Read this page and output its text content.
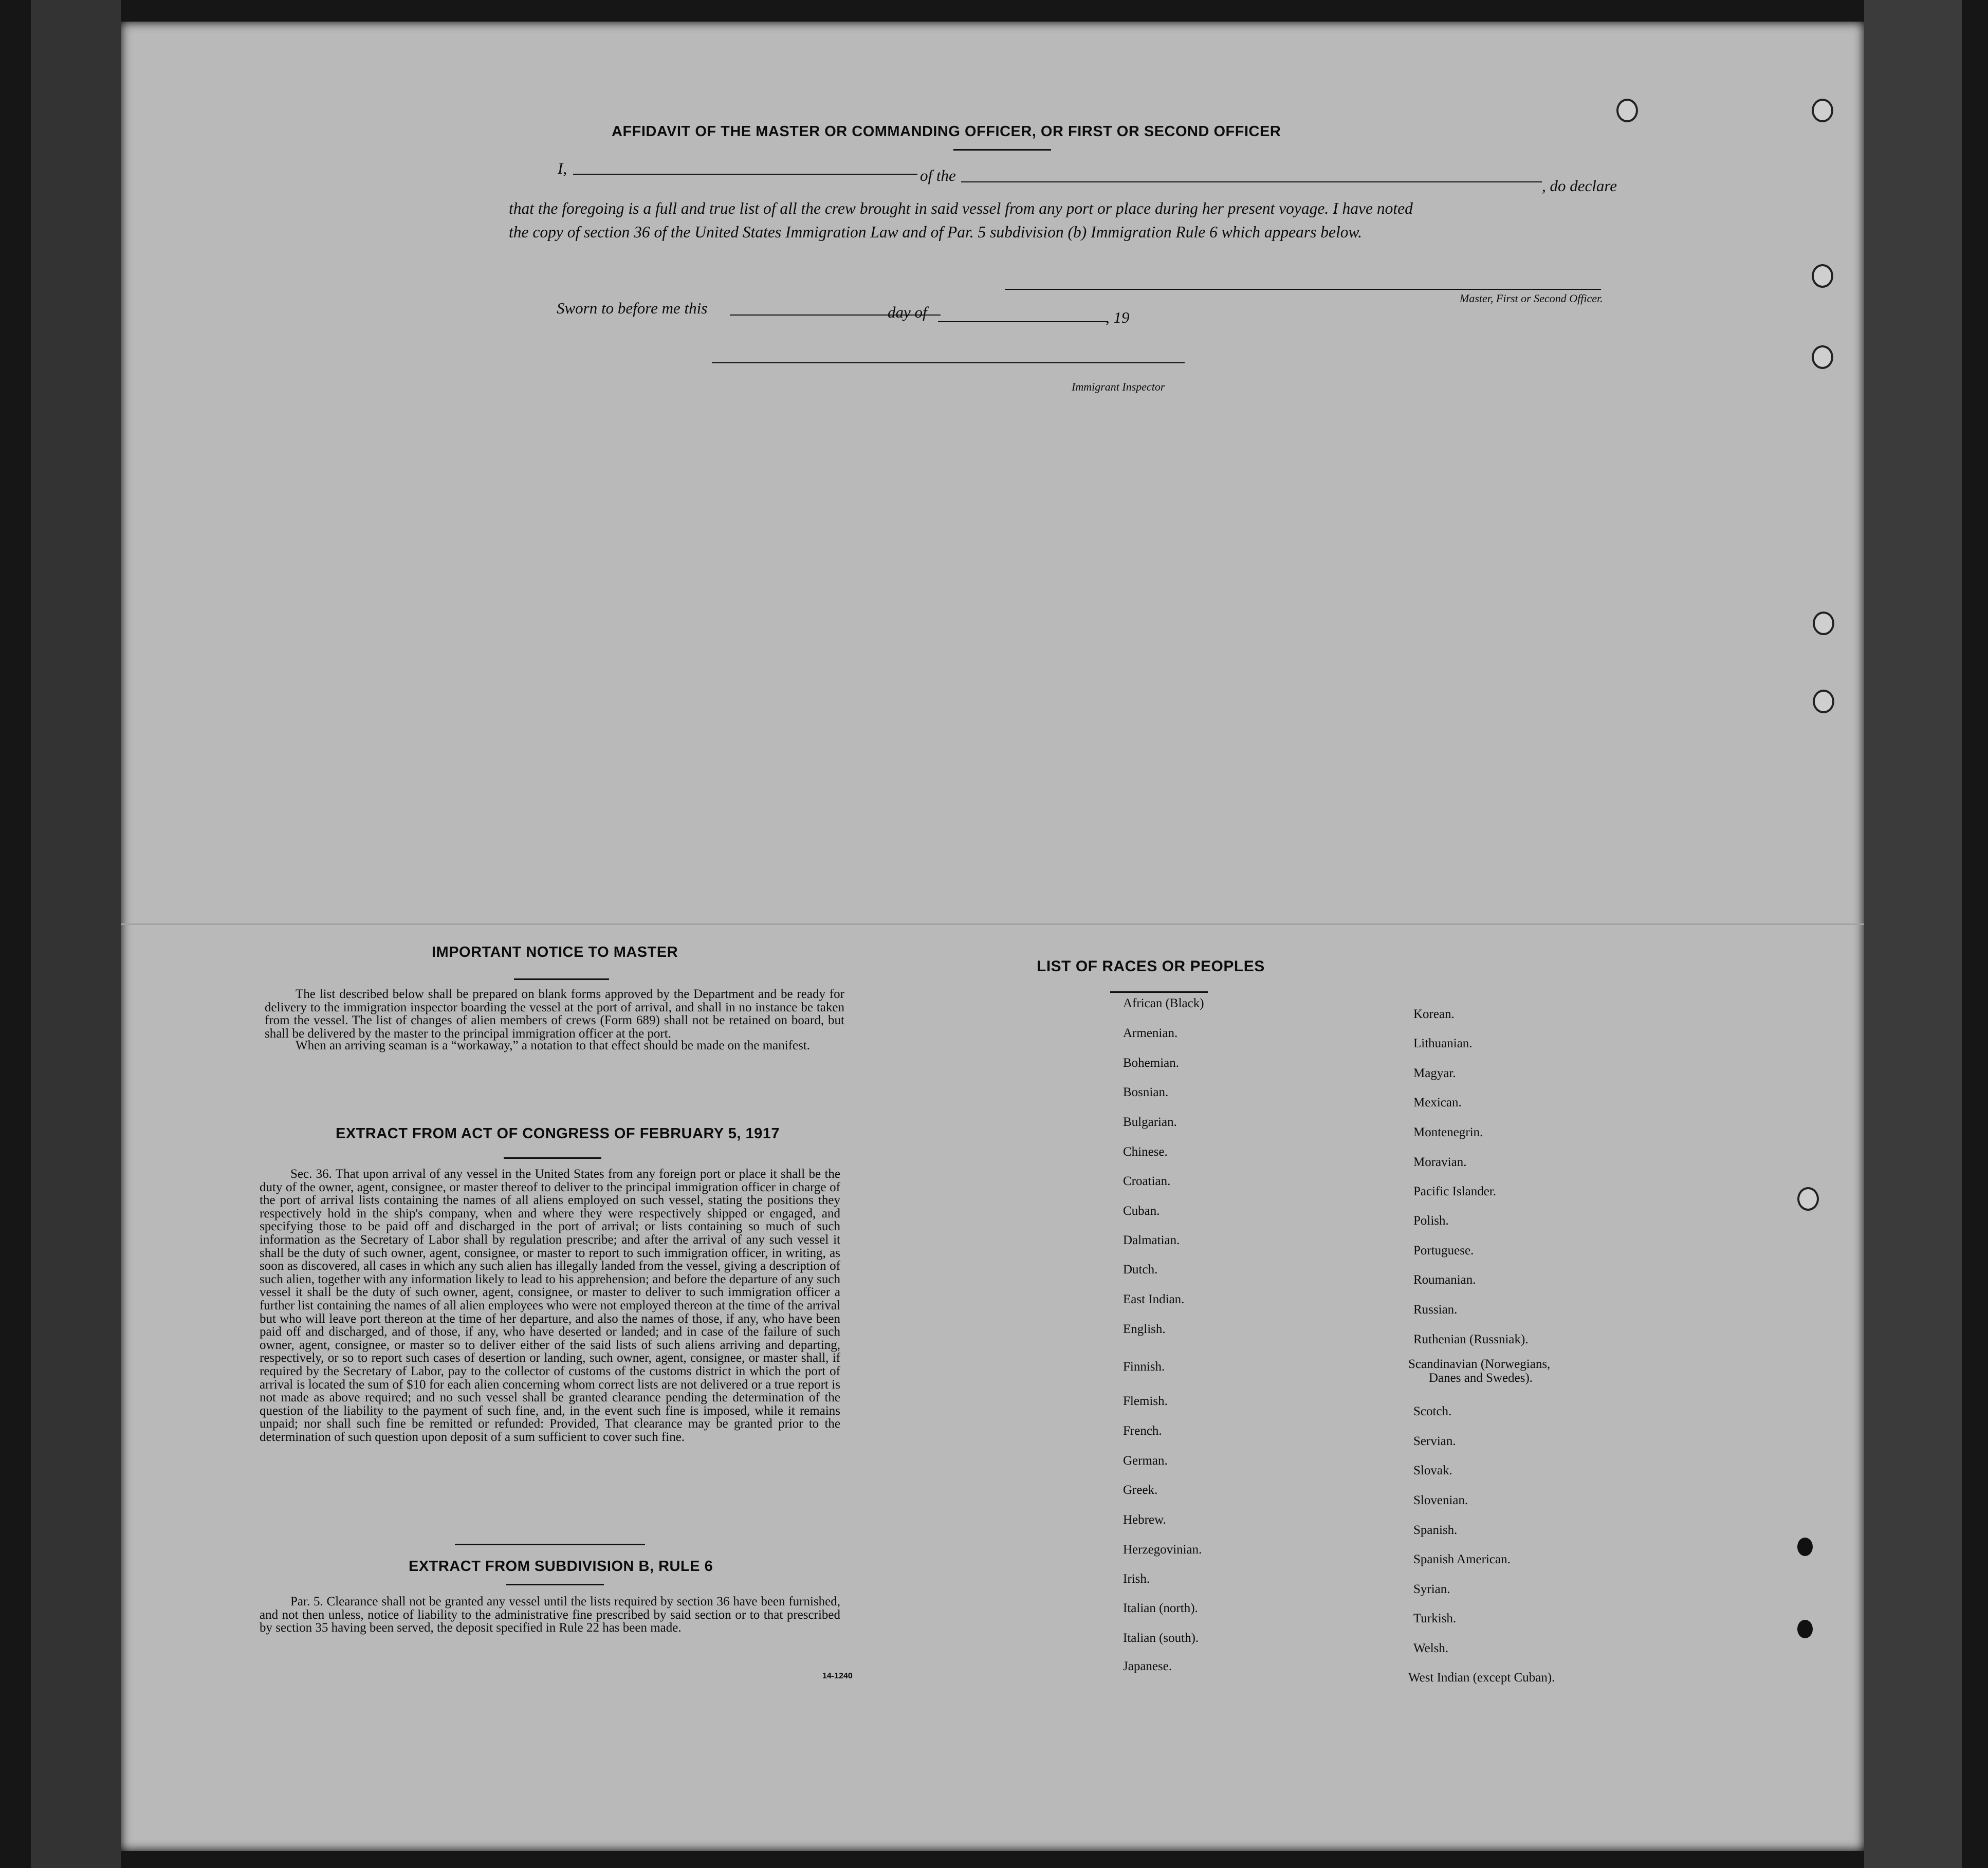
AFFIDAVIT OF THE MASTER OR COMMANDING OFFICER, OR FIRST OR SECOND OFFICER
I,	of the
, do declare
that the foregoing is a full and true list of all the crew brought in said vessel from any port or place during her present voyage. I have noted
the copy of section 36 of the United States Immigration Law and of Par. 5 subdivision (b) Immigration Rule 6 which appears below.
Master, First or Second Officer.
Sworn to before me this	day of	, 19
Immigrant Inspector
IMPORTANT NOTICE TO MASTER
The list described below shall be prepared on blank forms approved by the Department and be ready for delivery to the immigration inspector boarding the vessel at the port of arrival, and shall in no instance be taken from the vessel. The list of changes of alien members of crews (Form 689) shall not be retained on board, but shall be delivered by the master to the principal immigration officer at the port.
When an arriving seaman is a “workaway,” a notation to that effect should be made on the manifest.
EXTRACT FROM ACT OF CONGRESS OF FEBRUARY 5, 1917
Sec. 36. That upon arrival of any vessel in the United States from any foreign port or place it shall be the duty of the owner, agent, consignee, or master thereof to deliver to the principal immigration officer in charge of the port of arrival lists containing the names of all aliens employed on such vessel, stating the positions they respectively hold in the ship's company, when and where they were respectively shipped or engaged, and specifying those to be paid off and discharged in the port of arrival; or lists containing so much of such information as the Secretary of Labor shall by regulation prescribe; and after the arrival of any such vessel it shall be the duty of such owner, agent, consignee, or master to report to such immigration officer, in writing, as soon as discovered, all cases in which any such alien has illegally landed from the vessel, giving a description of such alien, together with any information likely to lead to his apprehension; and before the departure of any such vessel it shall be the duty of such owner, agent, consignee, or master to deliver to such immigration officer a further list containing the names of all alien employees who were not employed thereon at the time of the arrival but who will leave port thereon at the time of her departure, and also the names of those, if any, who have been paid off and discharged, and of those, if any, who have deserted or landed; and in case of the failure of such owner, agent, consignee, or master so to deliver either of the said lists of such aliens arriving and departing, respectively, or so to report such cases of desertion or landing, such owner, agent, consignee, or master shall, if required by the Secretary of Labor, pay to the collector of customs of the customs district in which the port of arrival is located the sum of $10 for each alien concerning whom correct lists are not delivered or a true report is not made as above required; and no such vessel shall be granted clearance pending the determination of the question of the liability to the payment of such fine, and, in the event such fine is imposed, while it remains unpaid; nor shall such fine be remitted or refunded: Provided, That clearance may be granted prior to the determination of such question upon deposit of a sum sufficient to cover such fine.
EXTRACT FROM SUBDIVISION B, RULE 6
Par. 5. Clearance shall not be granted any vessel until the lists required by section 36 have been furnished, and not then unless, notice of liability to the administrative fine prescribed by said section or to that prescribed by section 35 having been served, the deposit specified in Rule 22 has been made.
14-1240
LIST OF RACES OR PEOPLES
African (Black)
Armenian.
Bohemian.
Bosnian.
Bulgarian.
Chinese.
Croatian.
Cuban.
Dalmatian.
Dutch.
East Indian.
English.
Finnish.
Flemish.
French.
German.
Greek.
Hebrew.
Herzegovinian.
Irish.
Italian (north).
Italian (south).
Japanese.
Korean.
Lithuanian.
Magyar.
Mexican.
Montenegrin.
Moravian.
Pacific Islander.
Polish.
Portuguese.
Roumanian.
Russian.
Ruthenian (Russniak).
Scandinavian (Norwegians,
Danes and Swedes).
Scotch.
Servian.
Slovak.
Slovenian.
Spanish.
Spanish American.
Syrian.
Turkish.
Welsh.
West Indian (except Cuban).
